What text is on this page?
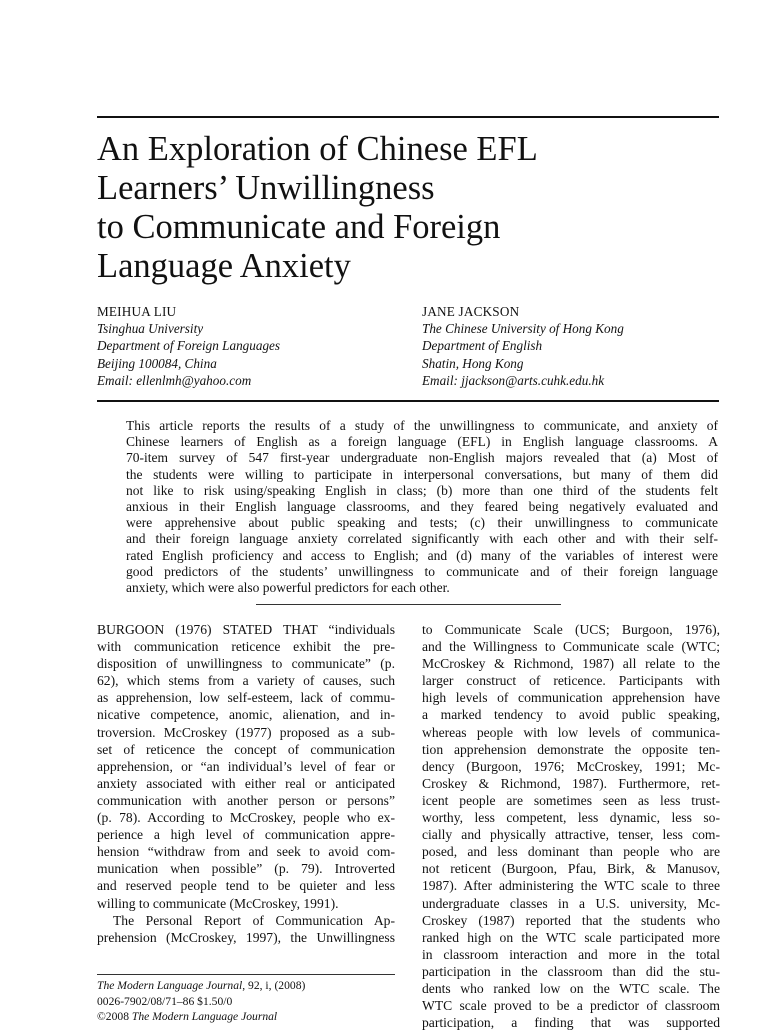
An Exploration of Chinese EFL
Learners’ Unwillingness
to Communicate and Foreign
Language Anxiety
MEIHUA LIU
Tsinghua University
Department of Foreign Languages
Beijing 100084, China
Email: ellenlmh@yahoo.com
JANE JACKSON
The Chinese University of Hong Kong
Department of English
Shatin, Hong Kong
Email: jjackson@arts.cuhk.edu.hk
This article reports the results of a study of the unwillingness to communicate, and anxiety of
Chinese learners of English as a foreign language (EFL) in English language classrooms. A
70-item survey of 547 first-year undergraduate non-English majors revealed that (a) Most of
the students were willing to participate in interpersonal conversations, but many of them did
not like to risk using/speaking English in class; (b) more than one third of the students felt
anxious in their English language classrooms, and they feared being negatively evaluated and
were apprehensive about public speaking and tests; (c) their unwillingness to communicate
and their foreign language anxiety correlated significantly with each other and with their self-
rated English proficiency and access to English; and (d) many of the variables of interest were
good predictors of the students’ unwillingness to communicate and of their foreign language
anxiety, which were also powerful predictors for each other.
BURGOON (1976) STATED THAT “individuals
with communication reticence exhibit the pre-
disposition of unwillingness to communicate” (p.
62), which stems from a variety of causes, such
as apprehension, low self-esteem, lack of commu-
nicative competence, anomic, alienation, and in-
troversion. McCroskey (1977) proposed as a sub-
set of reticence the concept of communication
apprehension, or “an individual’s level of fear or
anxiety associated with either real or anticipated
communication with another person or persons”
(p. 78). According to McCroskey, people who ex-
perience a high level of communication appre-
hension “withdraw from and seek to avoid com-
munication when possible” (p. 79). Introverted
and reserved people tend to be quieter and less
willing to communicate (McCroskey, 1991).
The Personal Report of Communication Ap-
prehension (McCroskey, 1997), the Unwillingness
to Communicate Scale (UCS; Burgoon, 1976),
and the Willingness to Communicate scale (WTC;
McCroskey & Richmond, 1987) all relate to the
larger construct of reticence. Participants with
high levels of communication apprehension have
a marked tendency to avoid public speaking,
whereas people with low levels of communica-
tion apprehension demonstrate the opposite ten-
dency (Burgoon, 1976; McCroskey, 1991; Mc-
Croskey & Richmond, 1987). Furthermore, ret-
icent people are sometimes seen as less trust-
worthy, less competent, less dynamic, less so-
cially and physically attractive, tenser, less com-
posed, and less dominant than people who are
not reticent (Burgoon, Pfau, Birk, & Manusov,
1987). After administering the WTC scale to three
undergraduate classes in a U.S. university, Mc-
Croskey (1987) reported that the students who
ranked high on the WTC scale participated more
in classroom interaction and more in the total
participation in the classroom than did the stu-
dents who ranked low on the WTC scale. The
WTC scale proved to be a predictor of classroom
participation, a finding that was supported
The Modern Language Journal, 92, i, (2008)
0026-7902/08/71–86 $1.50/0
©2008 The Modern Language Journal
